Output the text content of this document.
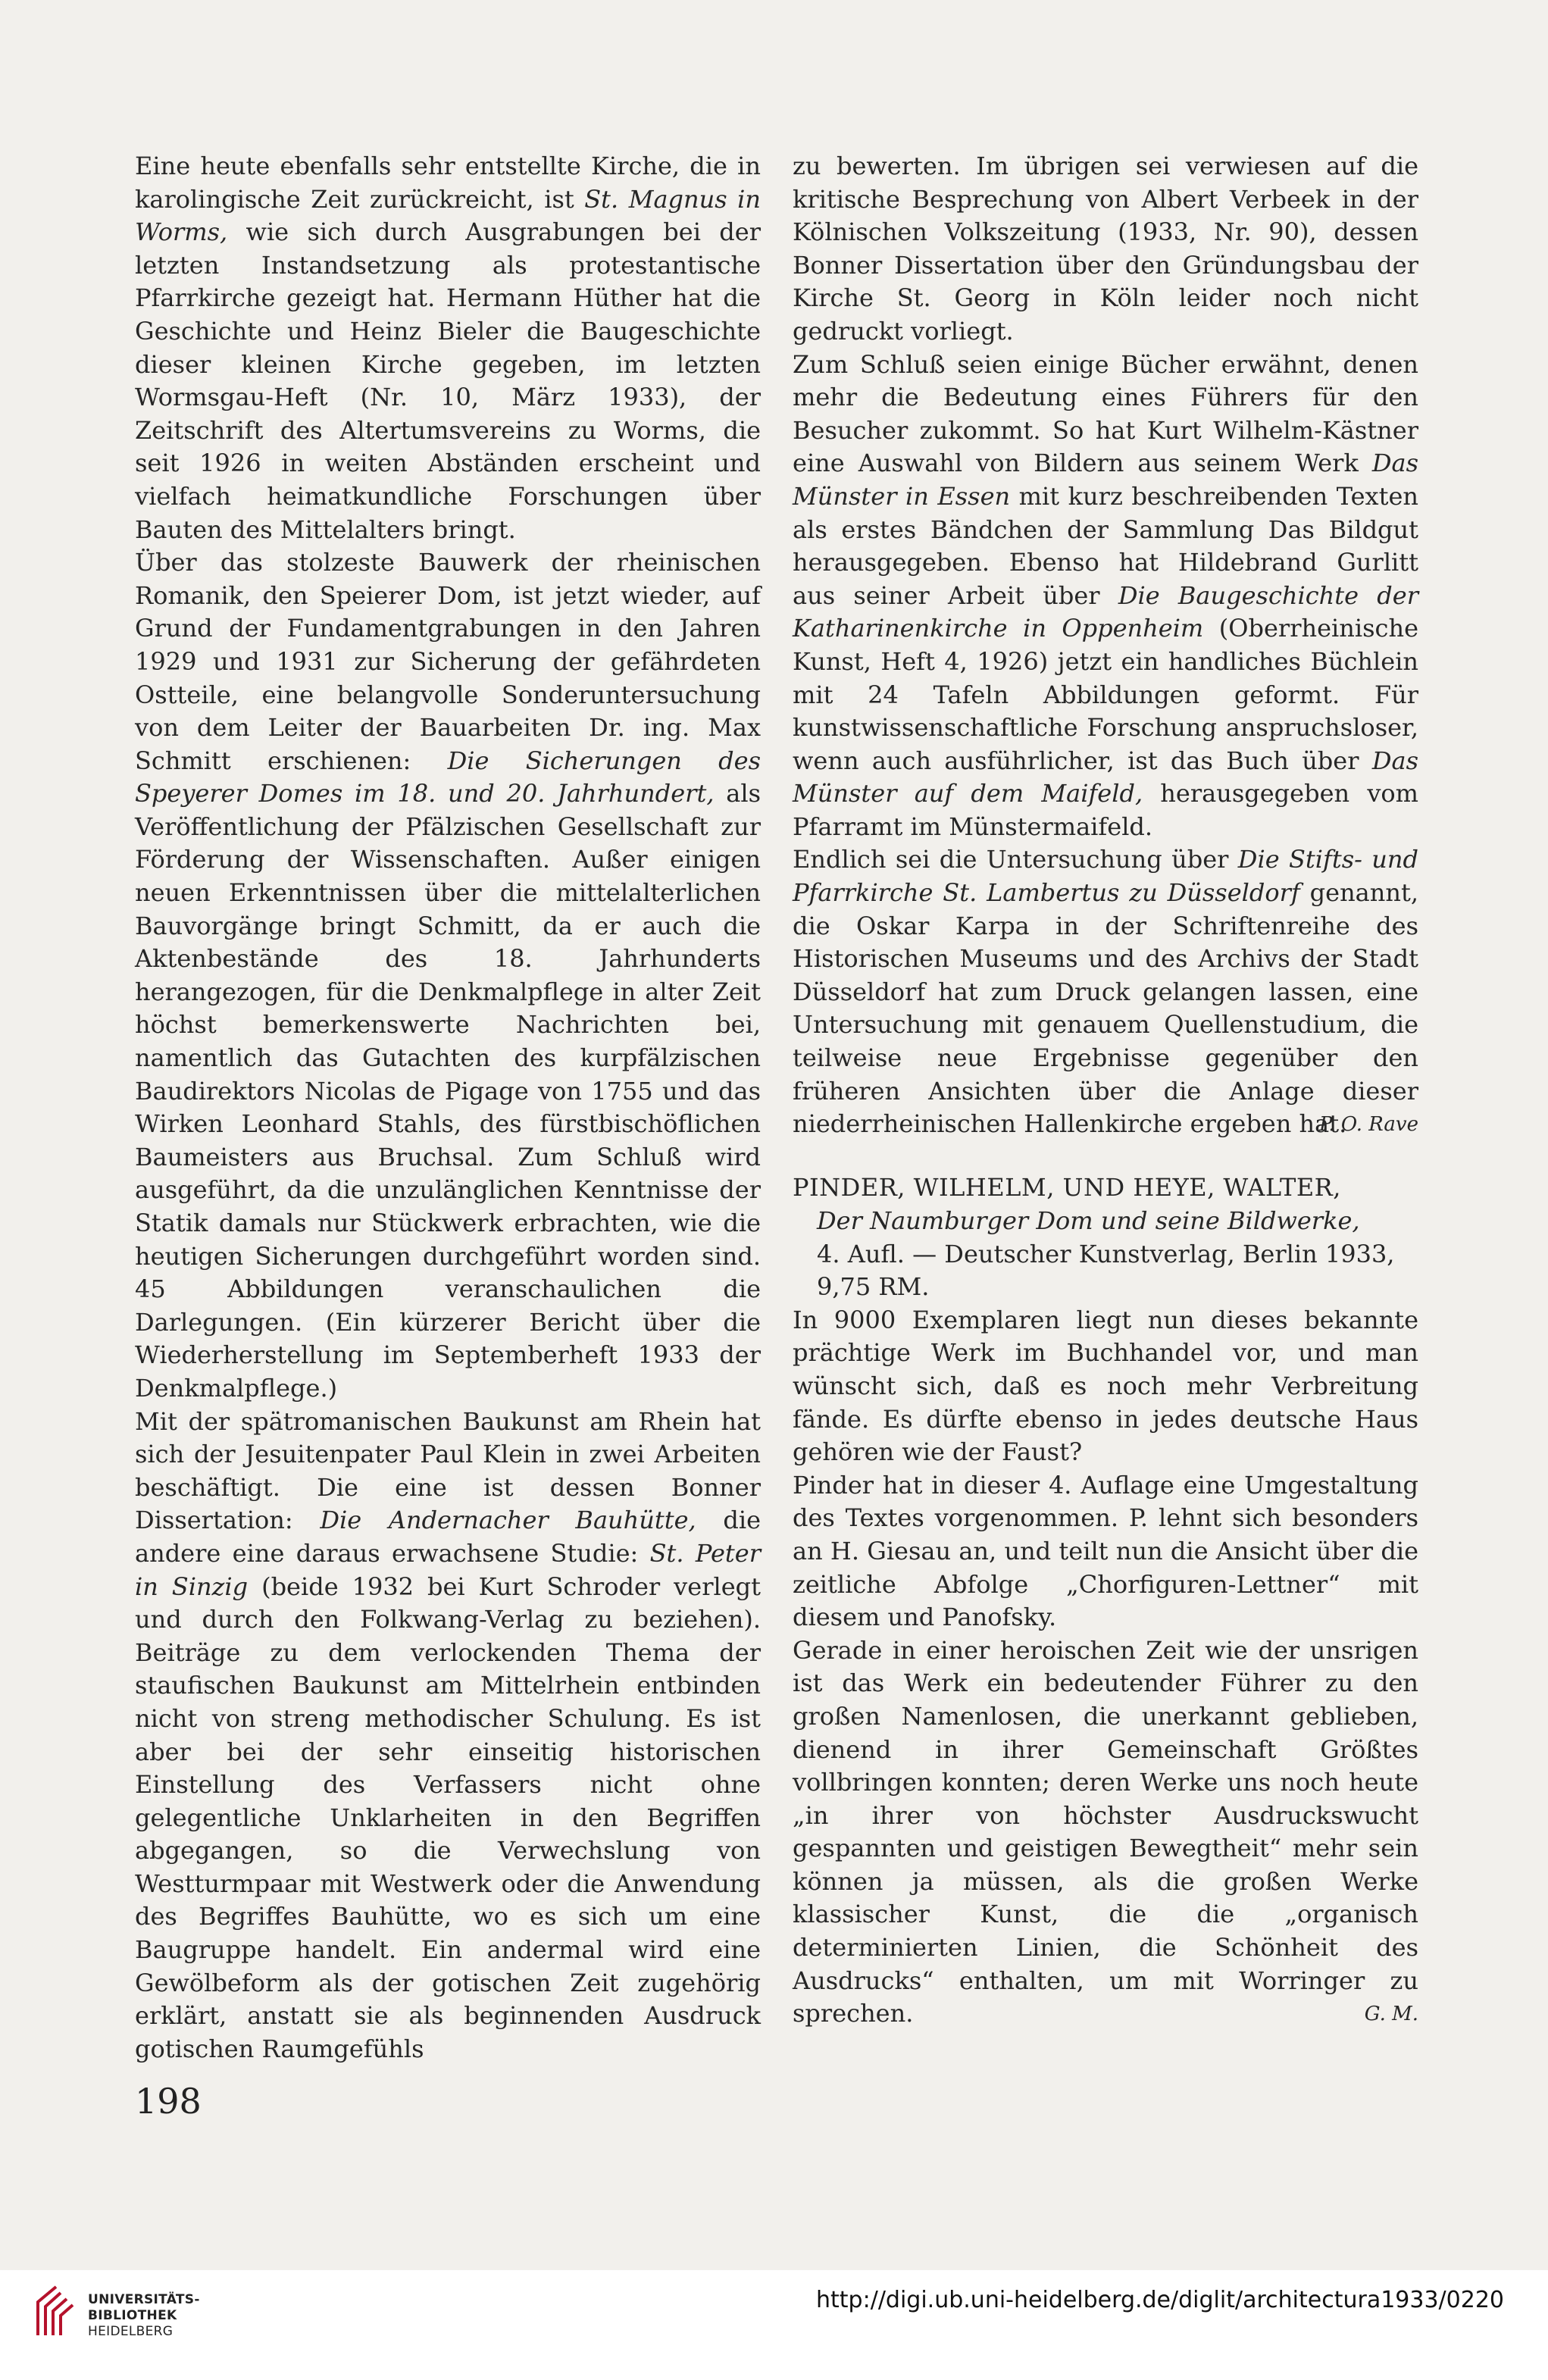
Eine heute ebenfalls sehr entstellte Kirche, die in karolingische Zeit zurückreicht, ist St. Magnus in Worms, wie sich durch Ausgrabungen bei der letzten Instandsetzung als protestantische Pfarrkirche gezeigt hat. Hermann Hüther hat die Geschichte und Heinz Bieler die Baugeschichte dieser kleinen Kirche gegeben, im letzten Wormsgau-Heft (Nr. 10, März 1933), der Zeitschrift des Altertumsvereins zu Worms, die seit 1926 in weiten Abständen erscheint und vielfach heimatkundliche Forschungen über Bauten des Mittelalters bringt.

Über das stolzeste Bauwerk der rheinischen Romanik, den Speierer Dom, ist jetzt wieder, auf Grund der Fundamentgrabungen in den Jahren 1929 und 1931 zur Sicherung der gefährdeten Ostteile, eine belangvolle Sonderuntersuchung von dem Leiter der Bauarbeiten Dr. ing. Max Schmitt erschienen: Die Sicherungen des Speyerer Domes im 18. und 20. Jahrhundert, als Veröffentlichung der Pfälzischen Gesellschaft zur Förderung der Wissenschaften. Außer einigen neuen Erkenntnissen über die mittelalterlichen Bauvorgänge bringt Schmitt, da er auch die Aktenbestände des 18. Jahrhunderts herangezogen, für die Denkmalpflege in alter Zeit höchst bemerkenswerte Nachrichten bei, namentlich das Gutachten des kurpfälzischen Baudirektors Nicolas de Pigage von 1755 und das Wirken Leonhard Stahls, des fürstbischöflichen Baumeisters aus Bruchsal. Zum Schluß wird ausgeführt, da die unzulänglichen Kenntnisse der Statik damals nur Stückwerk erbrachten, wie die heutigen Sicherungen durchgeführt worden sind. 45 Abbildungen veranschaulichen die Darlegungen. (Ein kürzerer Bericht über die Wiederherstellung im Septemberheft 1933 der Denkmalpflege.)

Mit der spätromanischen Baukunst am Rhein hat sich der Jesuitenpater Paul Klein in zwei Arbeiten beschäftigt. Die eine ist dessen Bonner Dissertation: Die Andernacher Bauhütte, die andere eine daraus erwachsene Studie: St. Peter in Sinzig (beide 1932 bei Kurt Schroder verlegt und durch den Folkwang-Verlag zu beziehen). Beiträge zu dem verlockenden Thema der staufischen Baukunst am Mittelrhein entbinden nicht von streng methodischer Schulung. Es ist aber bei der sehr einseitig historischen Einstellung des Verfassers nicht ohne gelegentliche Unklarheiten in den Begriffen abgegangen, so die Verwechslung von Westturmpaar mit Westwerk oder die Anwendung des Begriffes Bauhütte, wo es sich um eine Baugruppe handelt. Ein andermal wird eine Gewölbeform als der gotischen Zeit zugehörig erklärt, anstatt sie als beginnenden Ausdruck gotischen Raumgefühls

zu bewerten. Im übrigen sei verwiesen auf die kritische Besprechung von Albert Verbeek in der Kölnischen Volkszeitung (1933, Nr. 90), dessen Bonner Dissertation über den Gründungsbau der Kirche St. Georg in Köln leider noch nicht gedruckt vorliegt.

Zum Schluß seien einige Bücher erwähnt, denen mehr die Bedeutung eines Führers für den Besucher zukommt. So hat Kurt Wilhelm-Kästner eine Auswahl von Bildern aus seinem Werk Das Münster in Essen mit kurz beschreibenden Texten als erstes Bändchen der Sammlung Das Bildgut herausgegeben. Ebenso hat Hildebrand Gurlitt aus seiner Arbeit über Die Baugeschichte der Katharinenkirche in Oppenheim (Oberrheinische Kunst, Heft 4, 1926) jetzt ein handliches Büchlein mit 24 Tafeln Abbildungen geformt. Für kunstwissenschaftliche Forschung anspruchsloser, wenn auch ausführlicher, ist das Buch über Das Münster auf dem Maifeld, herausgegeben vom Pfarramt im Münstermaifeld.

Endlich sei die Untersuchung über Die Stifts- und Pfarrkirche St. Lambertus zu Düsseldorf genannt, die Oskar Karpa in der Schriftenreihe des Historischen Museums und des Archivs der Stadt Düsseldorf hat zum Druck gelangen lassen, eine Untersuchung mit genauem Quellenstudium, die teilweise neue Ergebnisse gegenüber den früheren Ansichten über die Anlage dieser niederrheinischen Hallenkirche ergeben hat.

P. O. Rave

PINDER, WILHELM, UND HEYE, WALTER,

Der Naumburger Dom und seine Bildwerke,

4. Aufl. — Deutscher Kunstverlag, Berlin 1933,

9,75 RM.

In 9000 Exemplaren liegt nun dieses bekannte prächtige Werk im Buchhandel vor, und man wünscht sich, daß es noch mehr Verbreitung fände. Es dürfte ebenso in jedes deutsche Haus gehören wie der Faust?

Pinder hat in dieser 4. Auflage eine Umgestaltung des Textes vorgenommen. P. lehnt sich besonders an H. Giesau an, und teilt nun die Ansicht über die zeitliche Abfolge „Chorfiguren-Lettner“ mit diesem und Panofsky.

Gerade in einer heroischen Zeit wie der unsrigen ist das Werk ein bedeutender Führer zu den großen Namenlosen, die unerkannt geblieben, dienend in ihrer Gemeinschaft Größtes vollbringen konnten; deren Werke uns noch heute „in ihrer von höchster Ausdruckswucht gespannten und geistigen Bewegtheit“ mehr sein können ja müssen, als die großen Werke klassischer Kunst, die die „organisch determinierten Linien, die Schönheit des Ausdrucks“ enthalten, um mit Worringer zu sprechen.	G. M.
198
UNIVERSITÄTS-
BIBLIOTHEK
HEIDELBERG
http://digi.ub.uni-heidelberg.de/diglit/architectura1933/0220
